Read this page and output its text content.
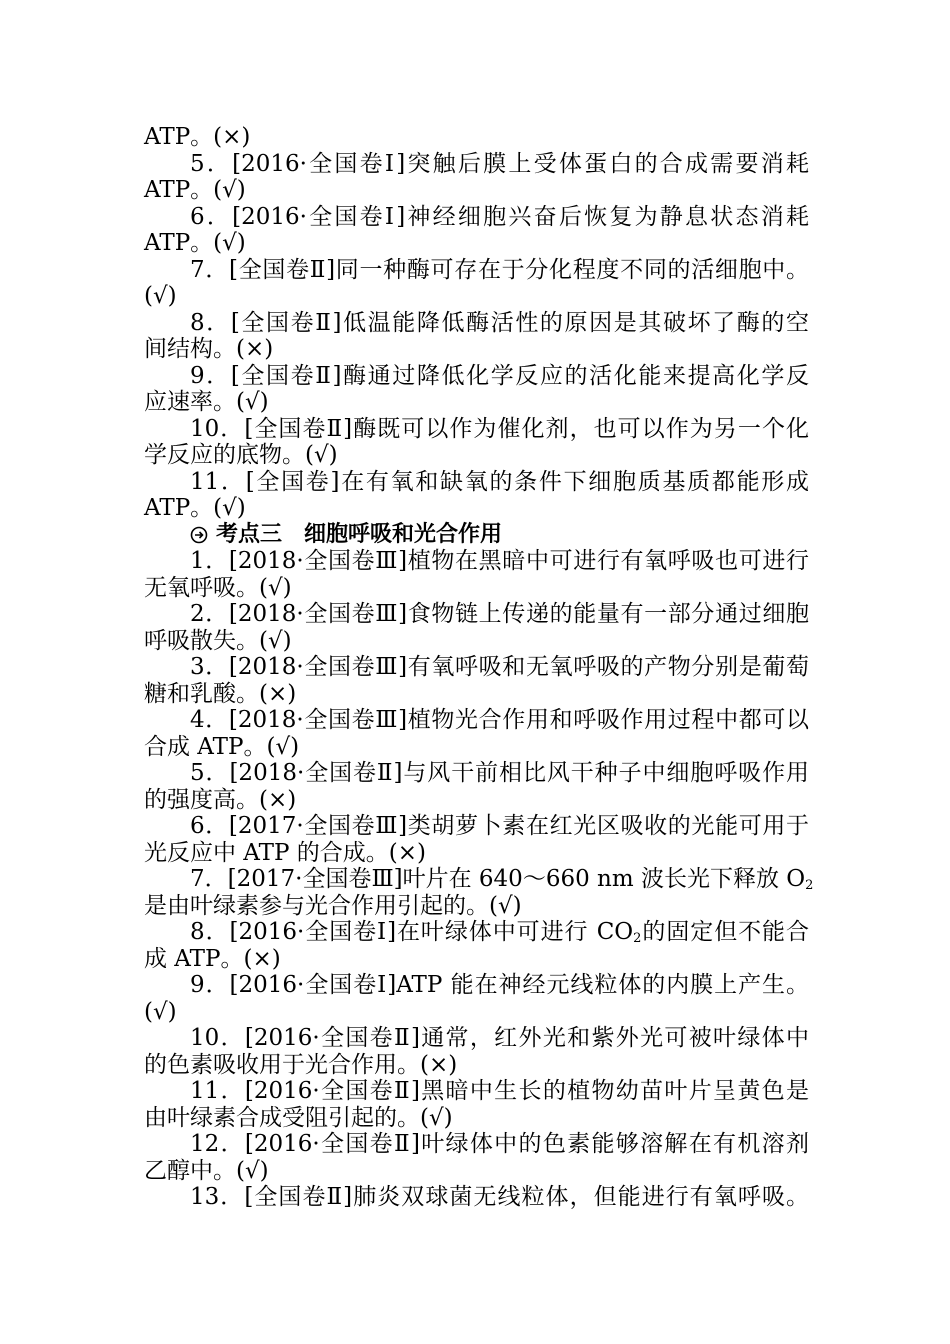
ATP。(×)
5．[2016·全国卷Ⅰ]突触后膜上受体蛋白的合成需要消耗
ATP。(√)
6．[2016·全国卷Ⅰ]神经细胞兴奋后恢复为静息状态消耗
ATP。(√)
7．[全国卷Ⅱ]同一种酶可存在于分化程度不同的活细胞中。
(√)
8．[全国卷Ⅱ]低温能降低酶活性的原因是其破坏了酶的空
间结构。(×)
9．[全国卷Ⅱ]酶通过降低化学反应的活化能来提高化学反
应速率。(√)
10．[全国卷Ⅱ]酶既可以作为催化剂，也可以作为另一个化
学反应的底物。(√)
11．[全国卷]在有氧和缺氧的条件下细胞质基质都能形成
ATP。(√)
考点三　细胞呼吸和光合作用
1．[2018·全国卷Ⅲ]植物在黑暗中可进行有氧呼吸也可进行
无氧呼吸。(√)
2．[2018·全国卷Ⅲ]食物链上传递的能量有一部分通过细胞
呼吸散失。(√)
3．[2018·全国卷Ⅲ]有氧呼吸和无氧呼吸的产物分别是葡萄
糖和乳酸。(×)
4．[2018·全国卷Ⅲ]植物光合作用和呼吸作用过程中都可以
合成 ATP。(√)
5．[2018·全国卷Ⅱ]与风干前相比风干种子中细胞呼吸作用
的强度高。(×)
6．[2017·全国卷Ⅲ]类胡萝卜素在红光区吸收的光能可用于
光反应中 ATP 的合成。(×)
7．[2017·全国卷Ⅲ]叶片在 640～660 nm 波长光下释放 $O_2$
是由叶绿素参与光合作用引起的。(√)
8．[2016·全国卷Ⅰ]在叶绿体中可进行 $CO_2$的固定但不能合
成 ATP。(×)
9．[2016·全国卷Ⅰ]ATP 能在神经元线粒体的内膜上产生。
(√)
10．[2016·全国卷Ⅱ]通常，红外光和紫外光可被叶绿体中
的色素吸收用于光合作用。(×)
11．[2016·全国卷Ⅱ]黑暗中生长的植物幼苗叶片呈黄色是
由叶绿素合成受阻引起的。(√)
12．[2016·全国卷Ⅱ]叶绿体中的色素能够溶解在有机溶剂
乙醇中。(√)
13．[全国卷Ⅱ]肺炎双球菌无线粒体，但能进行有氧呼吸。
